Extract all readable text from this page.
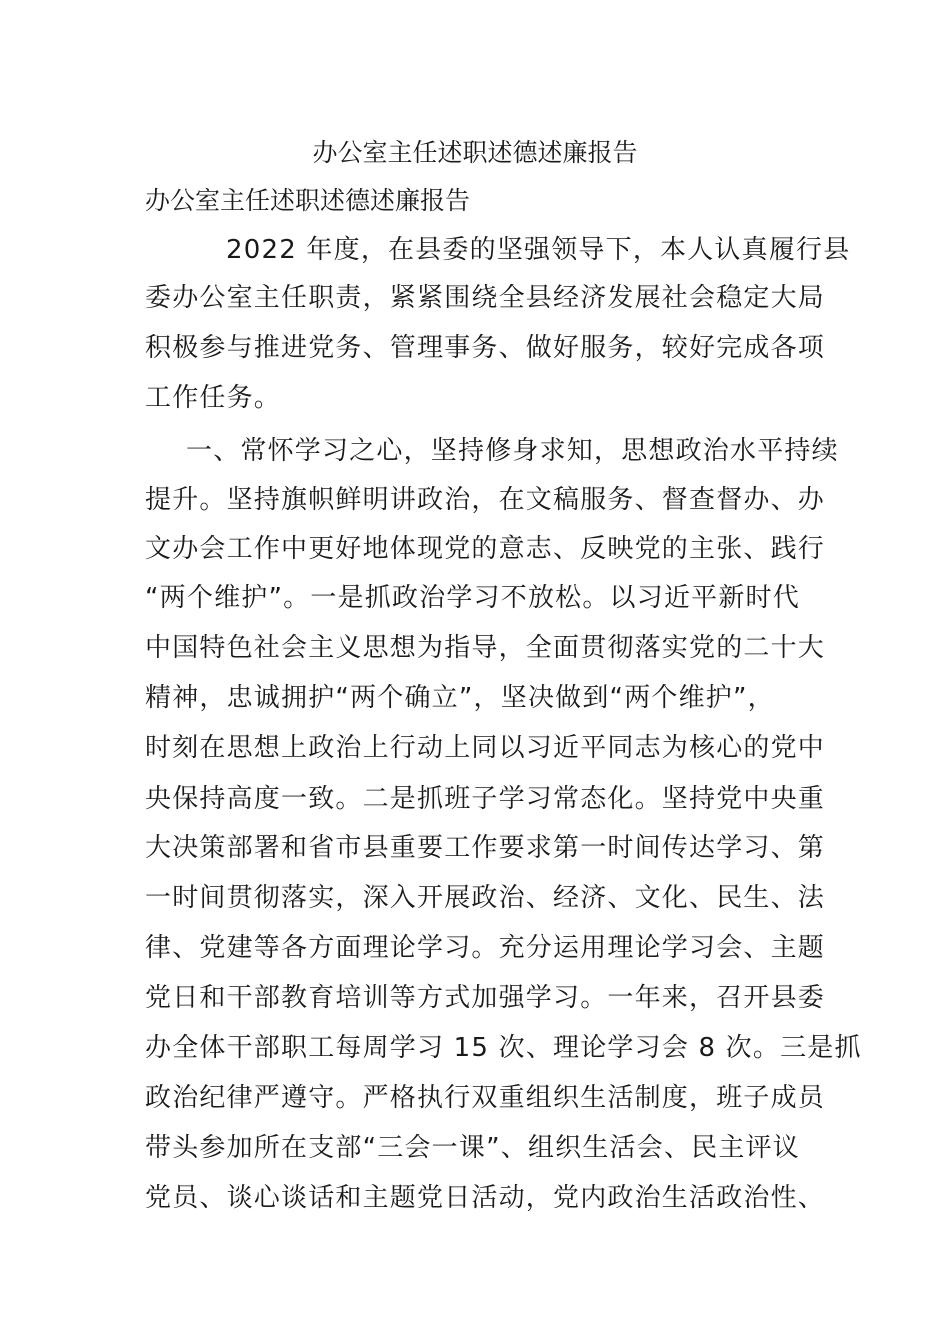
办公室主任述职述德述廉报告
办公室主任述职述德述廉报告
2022 年度，在县委的坚强领导下，本人认真履行县
委办公室主任职责，紧紧围绕全县经济发展社会稳定大局
积极参与推进党务、管理事务、做好服务，较好完成各项
工作任务。
一、常怀学习之心，坚持修身求知，思想政治水平持续
提升。坚持旗帜鲜明讲政治，在文稿服务、督查督办、办
文办会工作中更好地体现党的意志、反映党的主张、践行
“两个维护”。一是抓政治学习不放松。以习近平新时代
中国特色社会主义思想为指导，全面贯彻落实党的二十大
精神，忠诚拥护“两个确立”，坚决做到“两个维护”，
时刻在思想上政治上行动上同以习近平同志为核心的党中
央保持高度一致。二是抓班子学习常态化。坚持党中央重
大决策部署和省市县重要工作要求第一时间传达学习、第
一时间贯彻落实，深入开展政治、经济、文化、民生、法
律、党建等各方面理论学习。充分运用理论学习会、主题
党日和干部教育培训等方式加强学习。一年来，召开县委
办全体干部职工每周学习 15 次、理论学习会 8 次。三是抓
政治纪律严遵守。严格执行双重组织生活制度，班子成员
带头参加所在支部“三会一课”、组织生活会、民主评议
党员、谈心谈话和主题党日活动，党内政治生活政治性、
